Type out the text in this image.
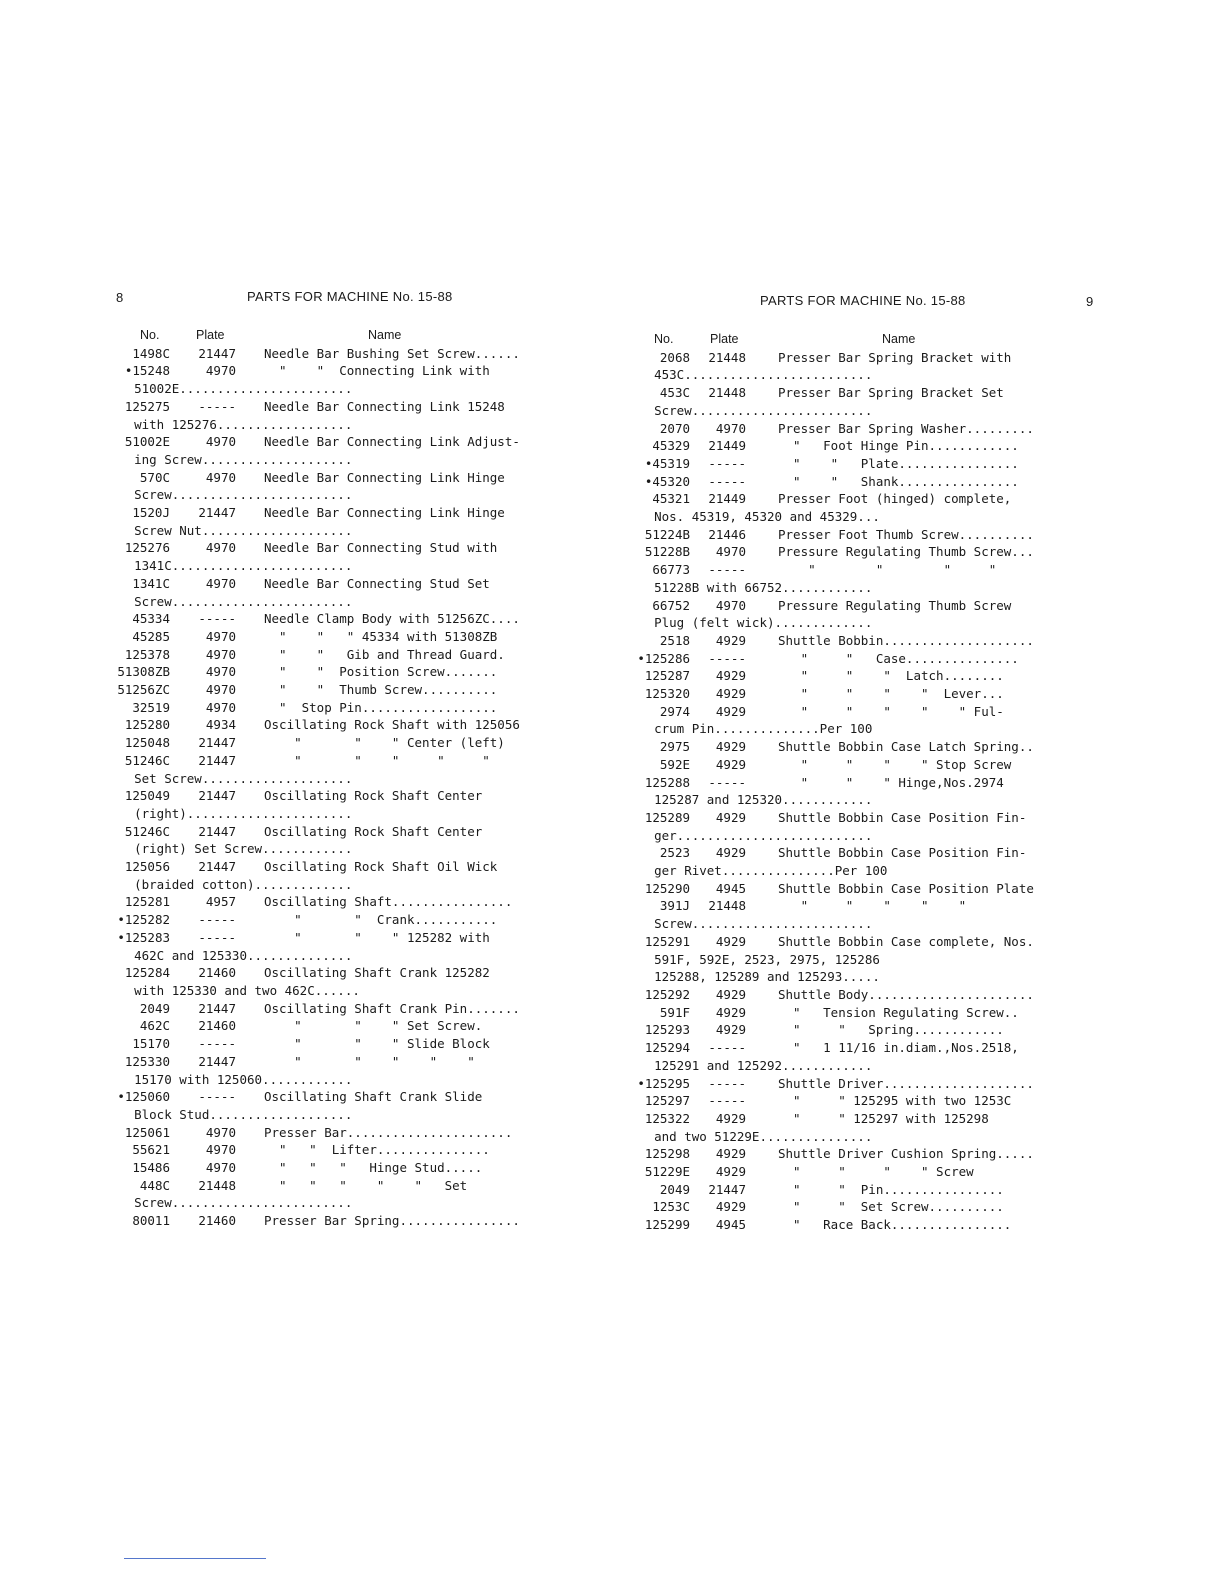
8	PARTS FOR MACHINE No. 15-88
No.	Plate	Name
1498C	21447 Needle Bar Bushing Set Screw......
•15248	4970	"    "  Connecting Link with
51002E.......................
125275	----- Needle Bar Connecting Link 15248
with 125276..................
51002E	4970 Needle Bar Connecting Link Adjust-
ing Screw....................
570C	4970 Needle Bar Connecting Link Hinge
Screw........................
1520J	21447 Needle Bar Connecting Link Hinge
Screw Nut....................
125276	4970 Needle Bar Connecting Stud with
1341C........................
1341C	4970 Needle Bar Connecting Stud Set
Screw........................
45334	----- Needle Clamp Body with 51256ZC....
45285	4970 "    "   " 45334 with 51308ZB
125378	4970 "    "   Gib and Thread Guard.
51308ZB	4970 "    "  Position Screw.......
51256ZC	4970 "    "  Thumb Screw..........
32519	4970 "  Stop Pin..................
125280	4934 Oscillating Rock Shaft with 125056
125048	21447 "       "    " Center (left)
51246C	21447	"       "    "     "     "
Set Screw....................
125049	21447 Oscillating Rock Shaft Center
(right)......................
51246C	21447 Oscillating Rock Shaft Center
(right) Set Screw............
125056	21447 Oscillating Rock Shaft Oil Wick
(braided cotton).............
125281	4957 Oscillating Shaft................
•125282	----- "       "  Crank...........
•125283	-----	"       "    " 125282 with
462C and 125330..............
125284	21460 Oscillating Shaft Crank 125282
with 125330 and two 462C......
2049	21447 Oscillating Shaft Crank Pin.......
462C	21460 "       "    " Set Screw.
15170	----- "       "    " Slide Block
125330	21447	"       "    "    "    "
15170 with 125060............
•125060	----- Oscillating Shaft Crank Slide
Block Stud...................
125061	4970 Presser Bar......................
55621	4970 "   "  Lifter...............
15486	4970 "   "   "   Hinge Stud.....
448C	21448	"   "   "    "    "   Set
Screw........................
80011	21460 Presser Bar Spring................
PARTS FOR MACHINE No. 15-88	9
No.	Plate	Name
2068	21448	Presser Bar Spring Bracket with
453C.........................
453C	21448	Presser Bar Spring Bracket Set
Screw........................
2070	4970	Presser Bar Spring Washer.........
45329	21449	"   Foot Hinge Pin............
•45319	-----	"    "   Plate................
•45320	-----	"    "   Shank................
45321	21449	Presser Foot (hinged) complete,
Nos. 45319, 45320 and 45329...
51224B	21446	Presser Foot Thumb Screw..........
51228B	4970	Pressure Regulating Thumb Screw...
66773	-----	"        "        "     "
51228B with 66752............
66752	4970	Pressure Regulating Thumb Screw
Plug (felt wick).............
2518	4929	Shuttle Bobbin....................
•125286	-----	"     "   Case...............
125287	4929	"     "    "  Latch........
125320	4929	"     "    "    "  Lever...
2974	4929	"     "    "    "    " Ful-
crum Pin..............Per 100
2975	4929	Shuttle Bobbin Case Latch Spring..
592E	4929	"     "    "    " Stop Screw
125288	-----	"     "    " Hinge,Nos.2974
125287 and 125320............
125289	4929	Shuttle Bobbin Case Position Fin-
ger..........................
2523	4929	Shuttle Bobbin Case Position Fin-
ger Rivet...............Per 100
125290	4945	Shuttle Bobbin Case Position Plate
391J	21448	"     "    "    "    "
Screw........................
125291	4929	Shuttle Bobbin Case complete, Nos.
591F, 592E, 2523, 2975, 125286
125288, 125289 and 125293.....
125292	4929	Shuttle Body......................
591F	4929	"   Tension Regulating Screw..
125293	4929	"     "   Spring............
125294	-----	"   1 11/16 in.diam.,Nos.2518,
125291 and 125292............
•125295	-----	Shuttle Driver....................
125297	-----	"     " 125295 with two 1253C
125322	4929	"     " 125297 with 125298
and two 51229E...............
125298	4929	Shuttle Driver Cushion Spring.....
51229E	4929	"     "     "    " Screw
2049	21447	"     "  Pin................
1253C	4929	"     "  Set Screw..........
125299	4945	"   Race Back................
